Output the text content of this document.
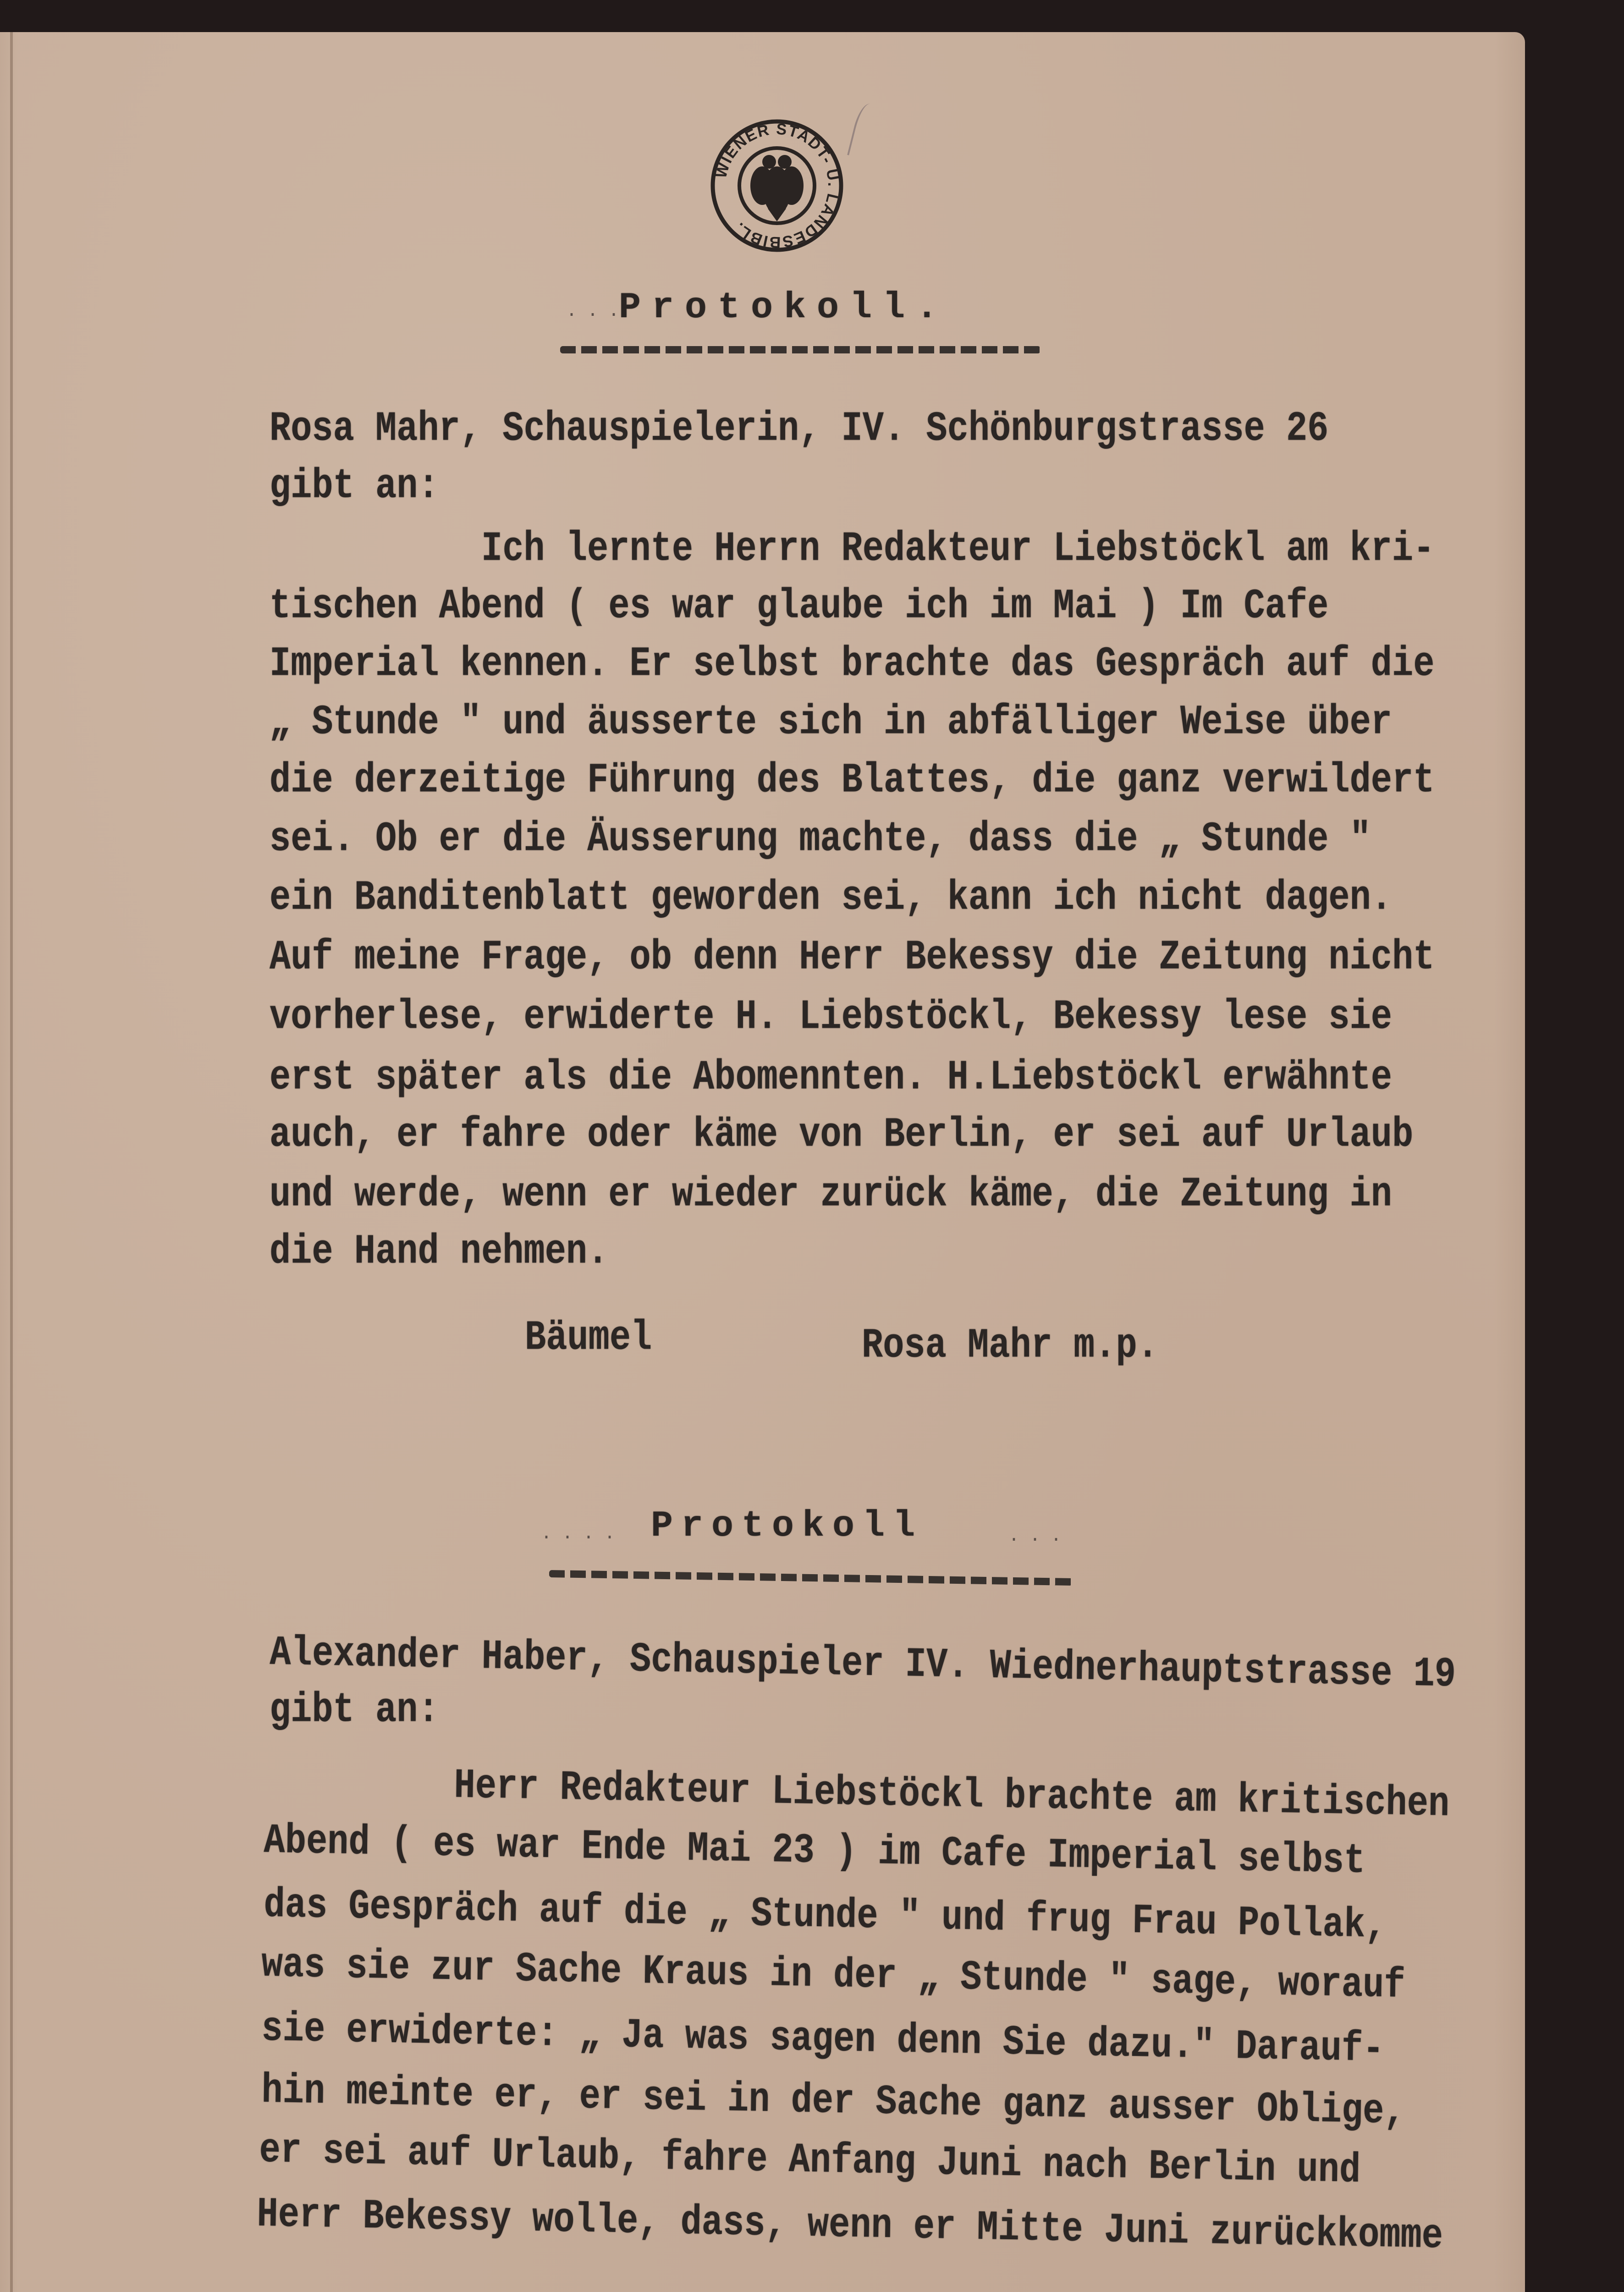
WIENER STADT- U. LANDESBIBL.
···
Protokoll.
Rosa Mahr, Schauspielerin, IV. Schönburgstrasse 26
gibt an:
Ich lernte Herrn Redakteur Liebstöckl am kri-
tischen Abend ( es war glaube ich im Mai ) Im Cafe
Imperial kennen. Er selbst brachte das Gespräch auf die
„ Stunde " und äusserte sich in abfälliger Weise über
die derzeitige Führung des Blattes, die ganz verwildert
sei. Ob er die Äusserung machte, dass die „ Stunde "
ein Banditenblatt geworden sei, kann ich nicht dagen.
Auf meine Frage, ob denn Herr Bekessy die Zeitung nicht
vorherlese, erwiderte H. Liebstöckl, Bekessy lese sie
erst später als die Abomennten. H.Liebstöckl erwähnte
auch, er fahre oder käme von Berlin, er sei auf Urlaub
und werde, wenn er wieder zurück käme, die Zeitung in
die Hand nehmen.
Bäumel	Rosa Mahr m.p.
···· Protokoll	···
Alexander Haber, Schauspieler IV. Wiednerhauptstrasse 19
gibt an:
Herr Redakteur Liebstöckl brachte am kritischen
Abend ( es war Ende Mai 23 ) im Cafe Imperial selbst
das Gespräch auf die „ Stunde " und frug Frau Pollak,
was sie zur Sache Kraus in der „ Stunde " sage, worauf
sie erwiderte: „ Ja was sagen denn Sie dazu." Darauf-
hin meinte er, er sei in der Sache ganz ausser Oblige,
er sei auf Urlaub, fahre Anfang Juni nach Berlin und
Herr Bekessy wolle, dass, wenn er Mitte Juni zurückkomme
